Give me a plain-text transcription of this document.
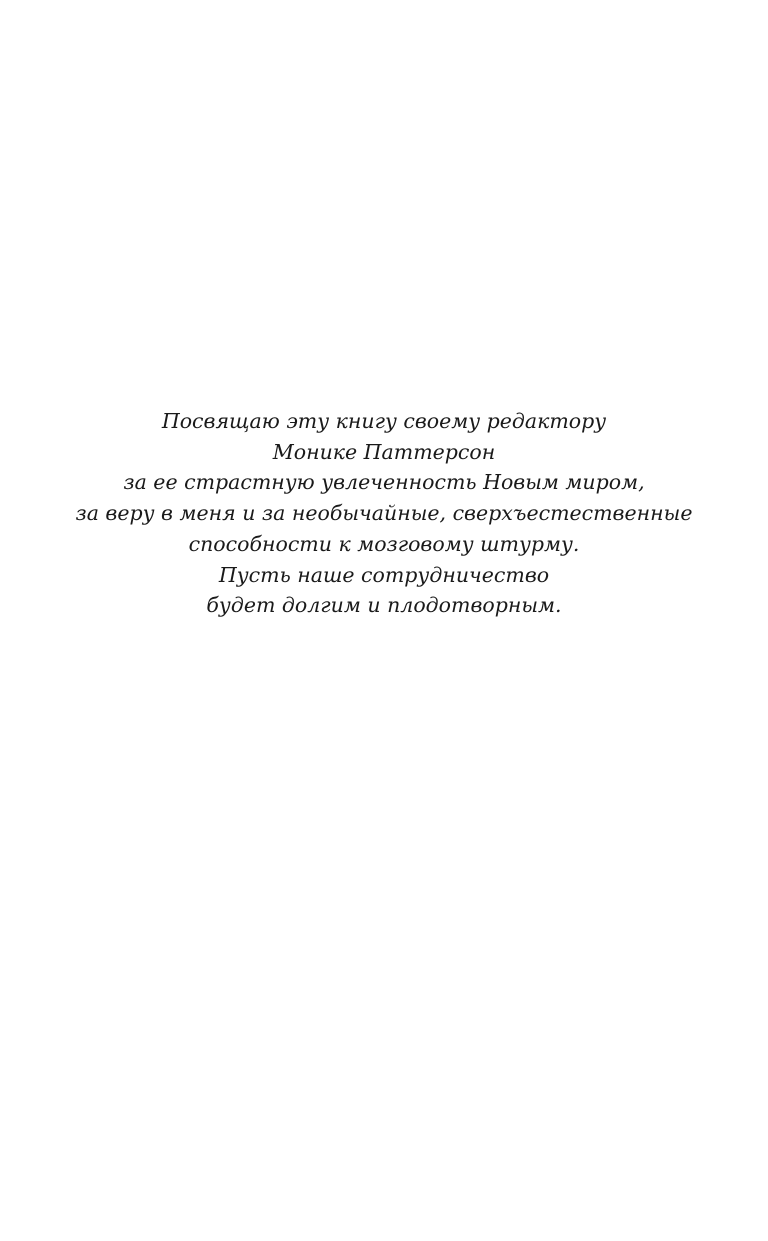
Посвящаю эту книгу своему редактору
Монике Паттерсон
за ее страстную увлеченность Новым миром,
за веру в меня и за необычайные, сверхъестественные
способности к мозговому штурму.
Пусть наше сотрудничество
будет долгим и плодотворным.
